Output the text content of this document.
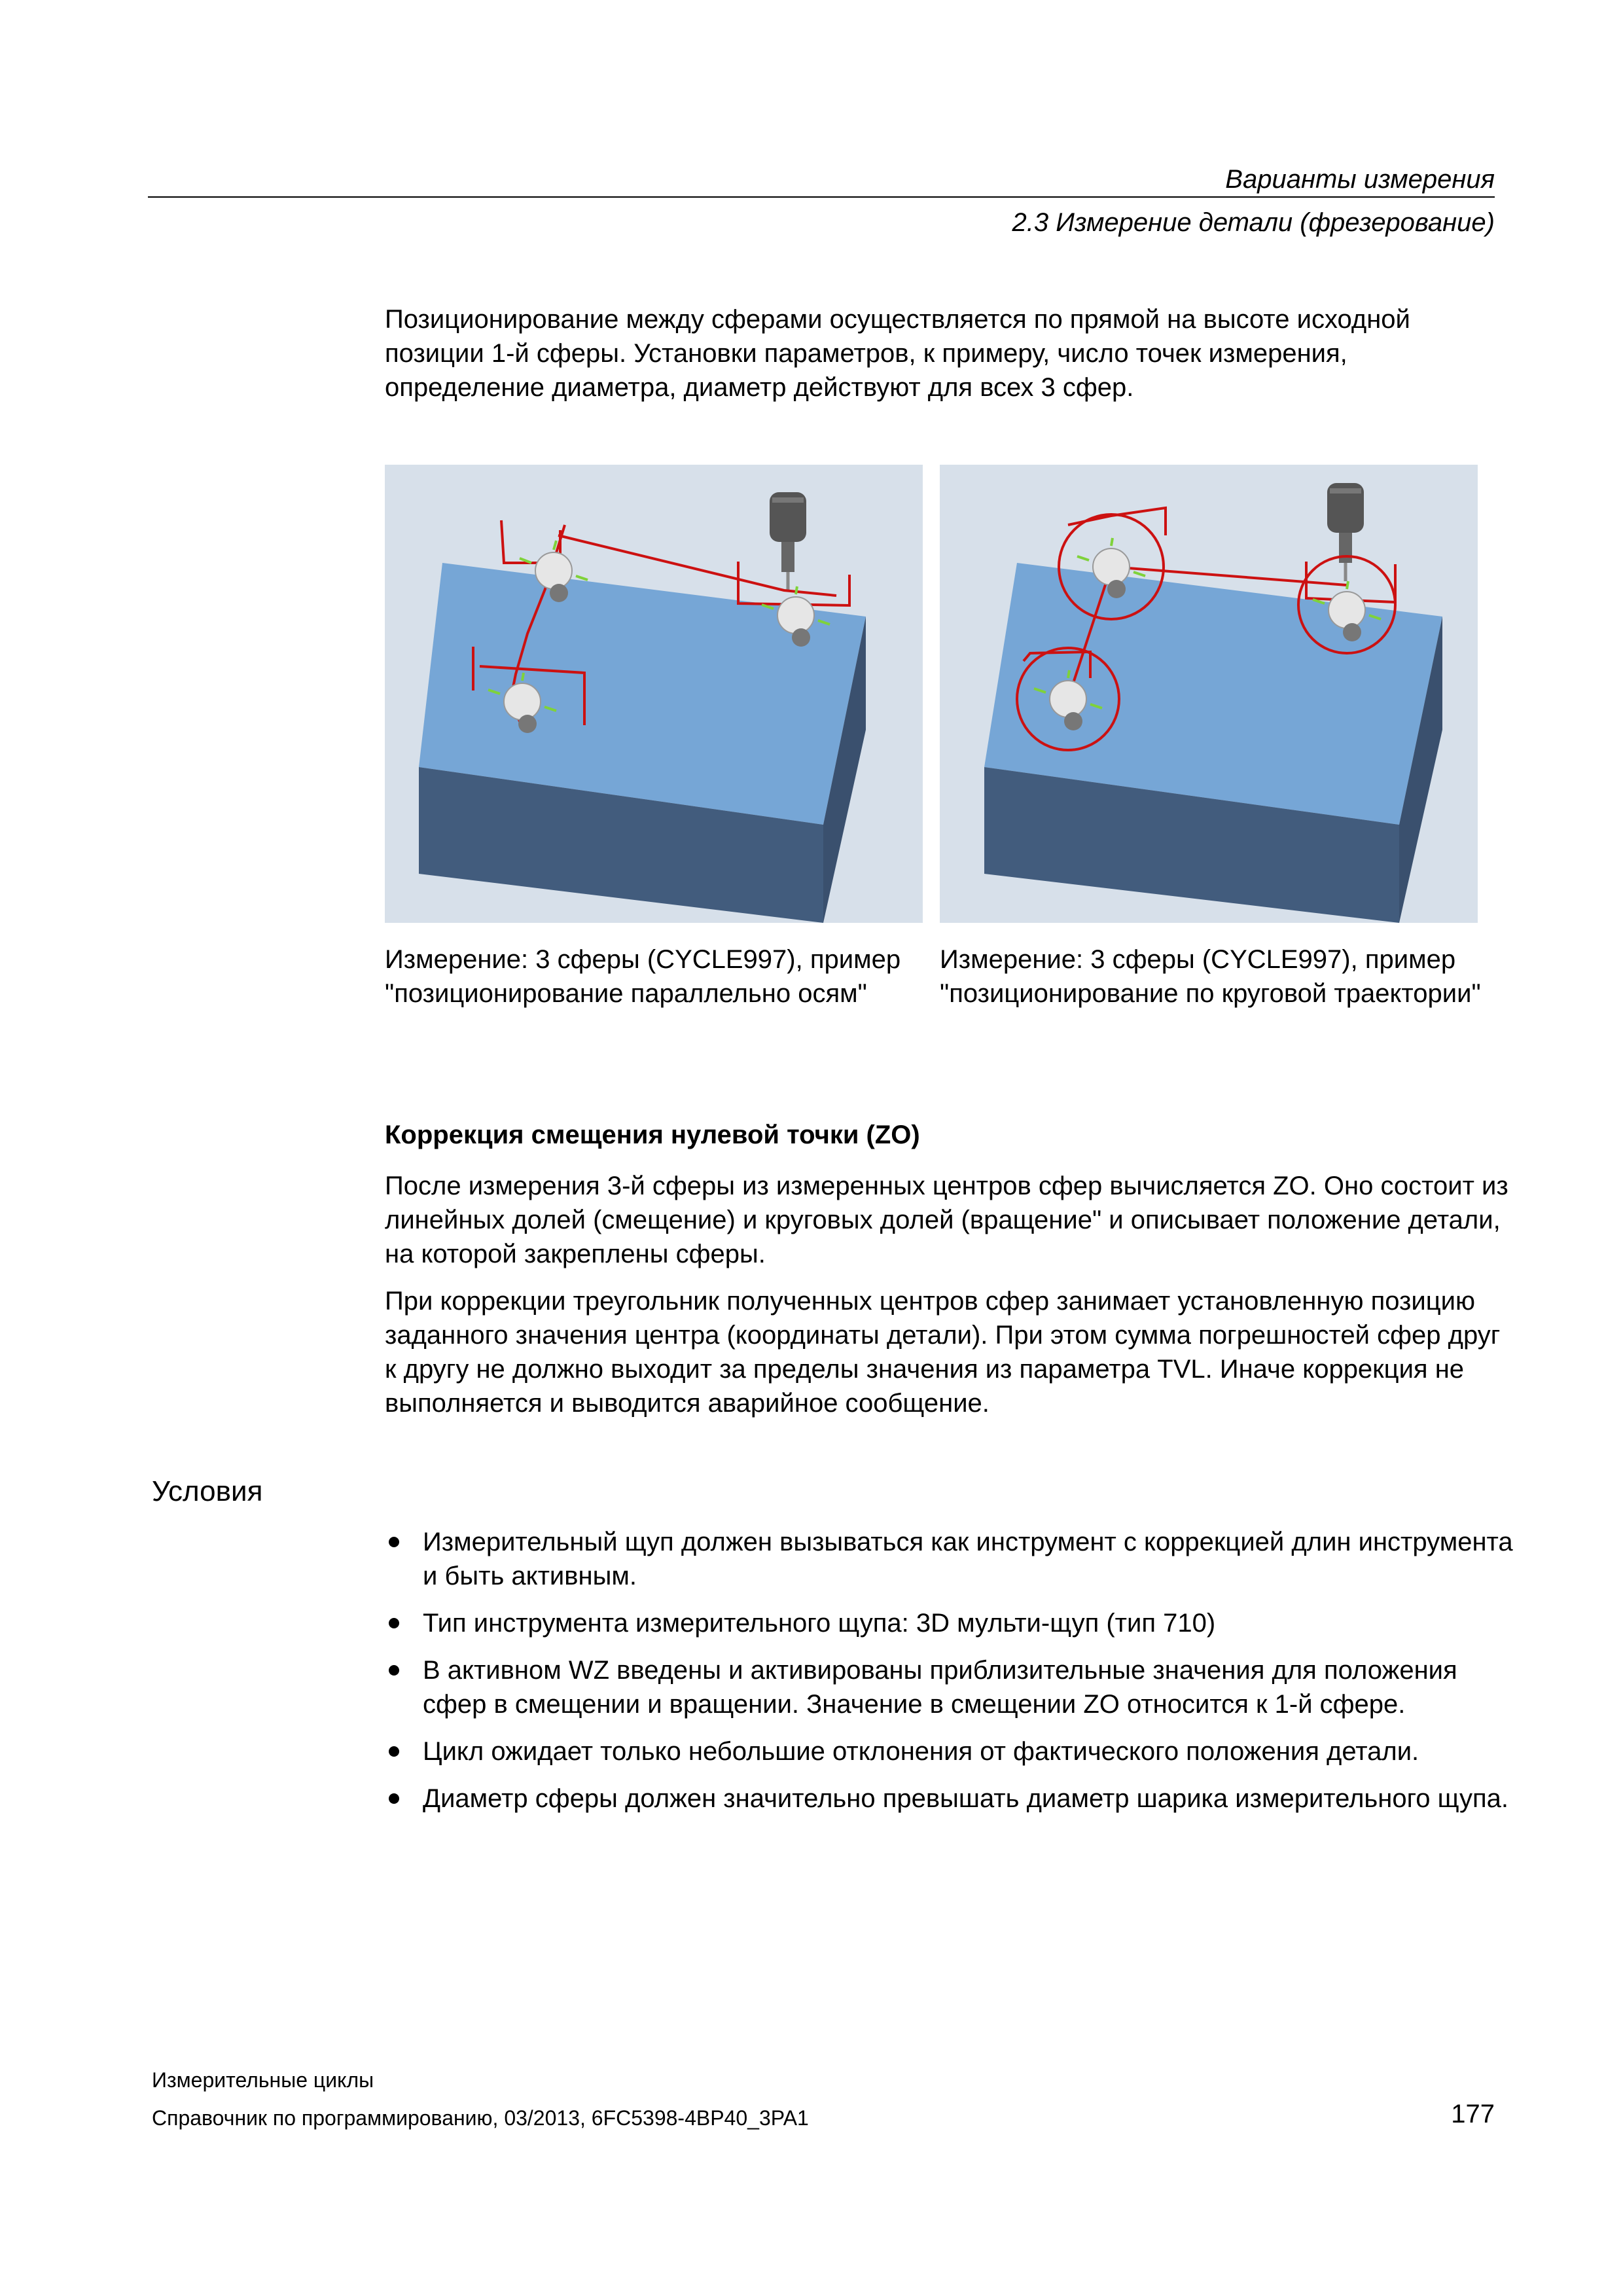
Варианты измерения
2.3 Измерение детали (фрезерование)
Позиционирование между сферами осуществляется по прямой на высоте исходной позиции 1-й сферы. Установки параметров, к примеру, число точек измерения, определение диаметра, диаметр действуют для всех 3 сфер.
Измерение: 3 сферы (CYCLE997), пример "позиционирование параллельно осям"
Измерение: 3 сферы (CYCLE997), пример "позиционирование по круговой траектории"
Коррекция смещения нулевой точки (ZO)

После измерения 3-й сферы из измеренных центров сфер вычисляется ZO. Оно состоит из линейных долей (смещение) и круговых долей (вращение" и описывает положение детали, на которой закреплены сферы.

При коррекции треугольник полученных центров сфер занимает установленную позицию заданного значения центра (координаты детали). При этом сумма погрешностей сфер друг к другу не должно выходит за пределы значения из параметра TVL. Иначе коррекция не выполняется и выводится аварийное сообщение.

Условия
Измерительный щуп должен вызываться как инструмент с коррекцией длин инструмента и быть активным.
Тип инструмента измерительного щупа: 3D мульти-щуп (тип 710)
В активном WZ введены и активированы приблизительные значения для положения сфер в смещении и вращении. Значение в смещении ZO относится к 1-й сфере.
Цикл ожидает только небольшие отклонения от фактического положения детали.
Диаметр сферы должен значительно превышать диаметр шарика измерительного щупа.
Измерительные циклы
Справочник по программированию, 03/2013, 6FC5398-4BP40_3PA1	177
